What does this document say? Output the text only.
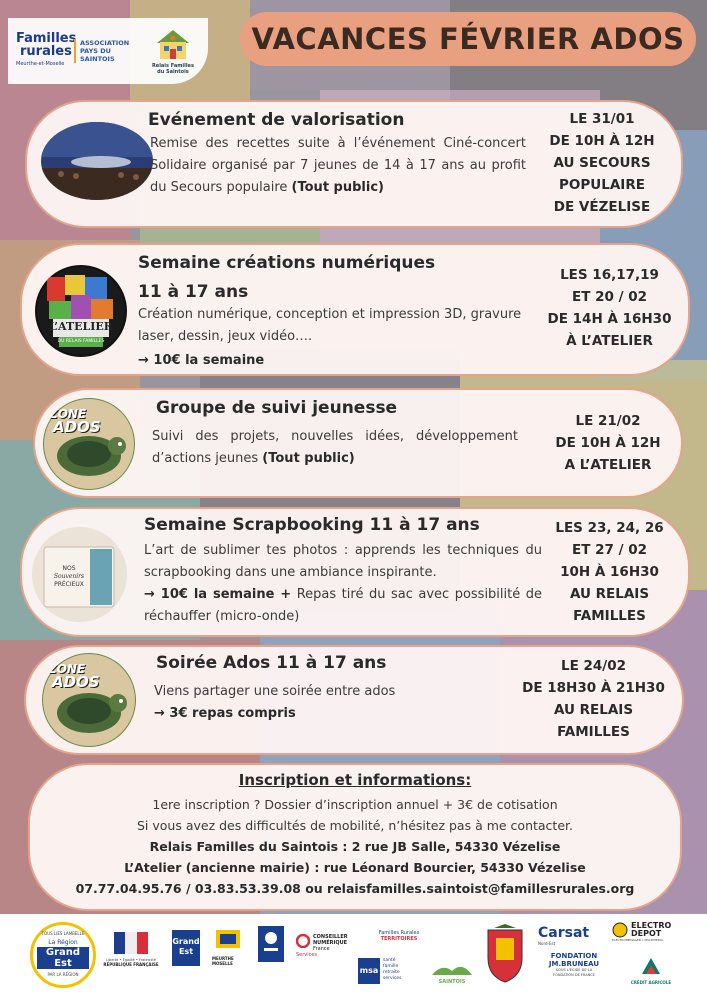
Familles
rurales
Meurthe-et-Moselle
ASSOCIATION
PAYS DU SAINTOIS
Relais Familles
du Saintois
VACANCES FÉVRIER ADOS
Evénement de valorisation
Remise des recettes suite à l’événement Ciné-concert Solidaire organisé par 7 jeunes de 14 à 17 ans au profit du Secours populaire (Tout public)
LE 31/01
DE 10H À 12H
AU SECOURS
POPULAIRE
DE VÉZELISE
L’ATELIER
DU RELAIS FAMILLES
Semaine créations numériques
11 à 17 ans
Création numérique, conception et impression 3D, gravure laser, dessin, jeux vidéo….
→ 10€ la semaine
LES 16,17,19
ET 20 / 02
DE 14H À 16H30
À L’ATELIER
ZONE
ADOS
Groupe de suivi jeunesse
Suivi des projets, nouvelles idées, développement d’actions jeunes (Tout public)
LE 21/02
DE 10H À 12H
A L’ATELIER
NOS
Souvenirs
PRÉCIEUX
Semaine Scrapbooking 11 à 17 ans
L’art de sublimer tes photos : apprends les techniques du scrapbooking dans une ambiance inspirante.
→ 10€ la semaine + Repas tiré du sac avec possibilité de réchauffer (micro-onde)
LES 23, 24, 26
ET 27 / 02
10H À 16H30
AU RELAIS
FAMILLES
ZONE
ADOS
Soirée Ados 11 à 17 ans
Viens partager une soirée entre ados
→ 3€ repas compris
LE 24/02
DE 18H30 À 21H30
AU RELAIS
FAMILLES
Inscription et informations:
1ere inscription ? Dossier d’inscription annuel + 3€ de cotisation
Si vous avez des difficultés de mobilité, n’hésitez pas à me contacter.
Relais Familles du Saintois : 2 rue JB Salle, 54330 Vézelise
L’Atelier (ancienne mairie) : rue Léonard Bourcier, 54330 Vézelise
07.77.04.95.76 / 03.83.53.39.08 ou relaisfamilles.saintoist@famillesrurales.org
TOUS LIES LAMBELLE
La Région
Grand Est
PAR LA RÉGION
Liberté • Égalité • Fraternité
RÉPUBLIQUE FRANÇAISE
Grand
Est
MEURTHE
MOSELLE
CONSEILLER
NUMÉRIQUE
France
Services
Familles Rurales
TERRITOIRES
msa
santé
famille
retraite
services
SAINTOIS
Carsat
Nord-Est
FONDATION
JM.BRUNEAU
SOUS L'ÉGIDE DE LA
FONDATION DE FRANCE
ELECTRO
DEPOT
ELECTROMÉNAGER • MULTIMÉDIA
CRÉDIT AGRICOLE
